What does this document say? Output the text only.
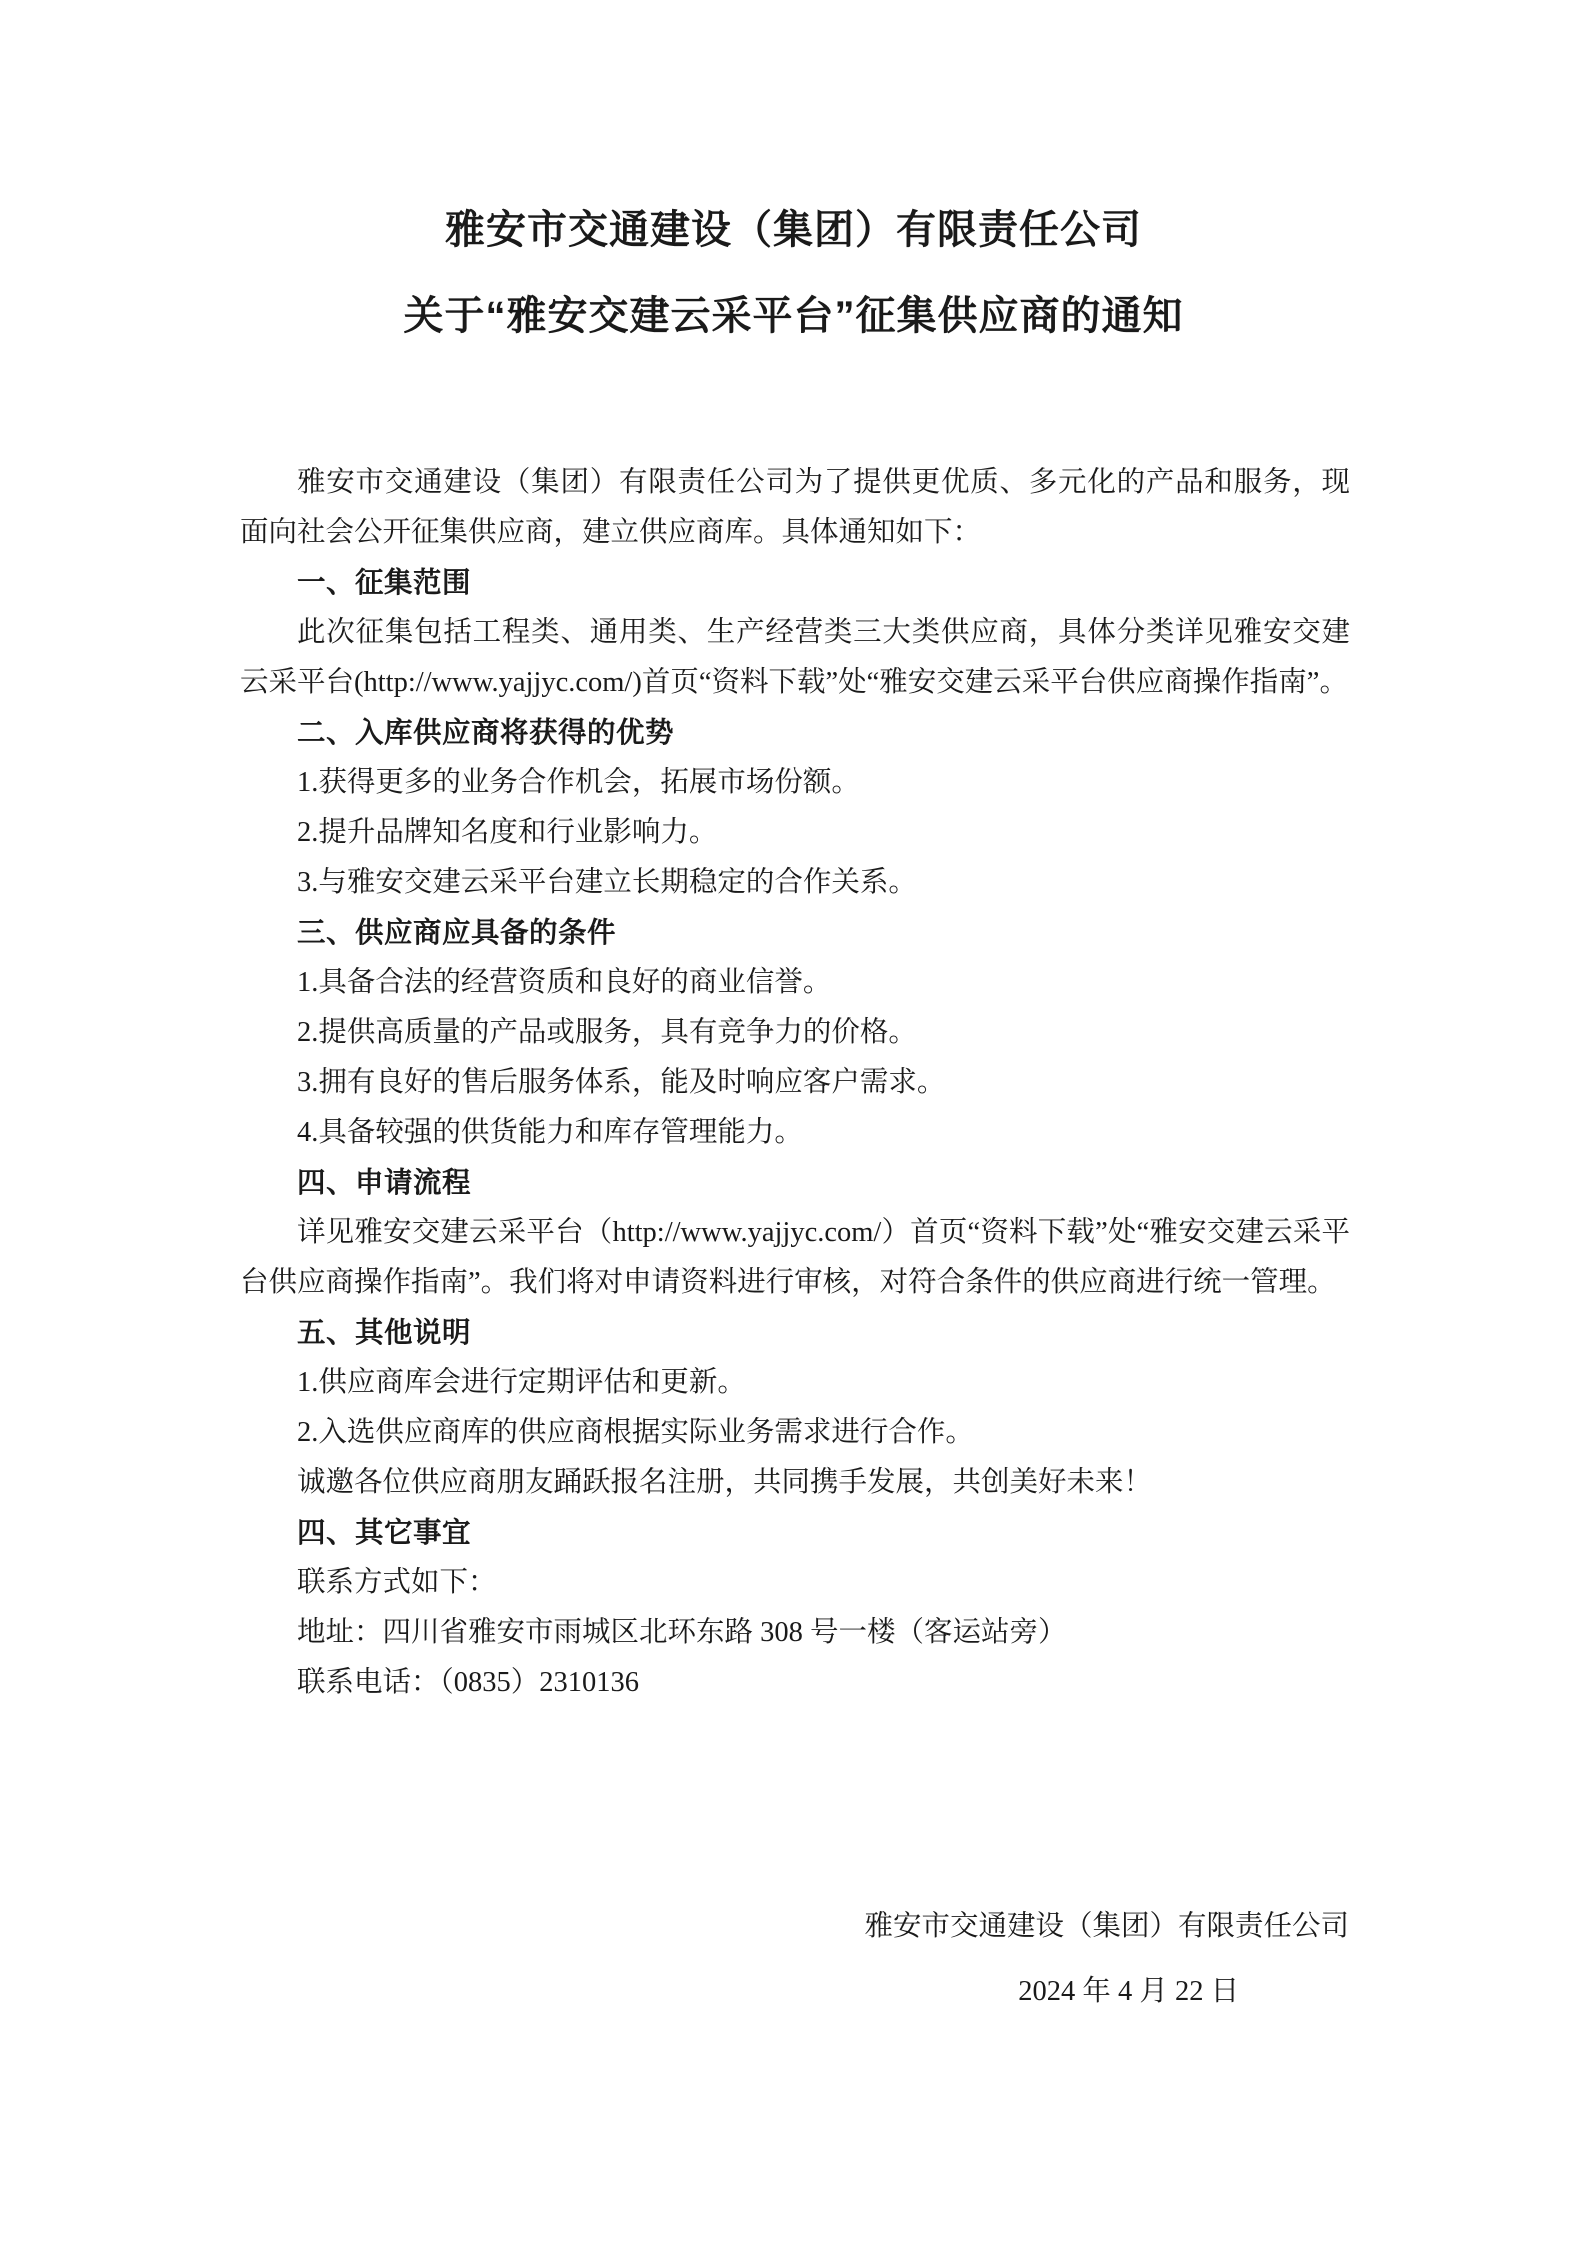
雅安市交通建设（集团）有限责任公司
关于“雅安交建云采平台”征集供应商的通知

雅安市交通建设（集团）有限责任公司为了提供更优质、多元化的产品和服务，现面向社会公开征集供应商，建立供应商库。具体通知如下：

一、征集范围

此次征集包括工程类、通用类、生产经营类三大类供应商，具体分类详见雅安交建云采平台(http://www.yajjyc.com/)首页“资料下载”处“雅安交建云采平台供应商操作指南”。

二、入库供应商将获得的优势

1.获得更多的业务合作机会，拓展市场份额。

2.提升品牌知名度和行业影响力。

3.与雅安交建云采平台建立长期稳定的合作关系。

三、供应商应具备的条件

1.具备合法的经营资质和良好的商业信誉。

2.提供高质量的产品或服务，具有竞争力的价格。

3.拥有良好的售后服务体系，能及时响应客户需求。

4.具备较强的供货能力和库存管理能力。

四、申请流程

详见雅安交建云采平台（http://www.yajjyc.com/）首页“资料下载”处“雅安交建云采平台供应商操作指南”。我们将对申请资料进行审核，对符合条件的供应商进行统一管理。

五、其他说明

1.供应商库会进行定期评估和更新。

2.入选供应商库的供应商根据实际业务需求进行合作。

诚邀各位供应商朋友踊跃报名注册，共同携手发展，共创美好未来！

四、其它事宜

联系方式如下：

地址：四川省雅安市雨城区北环东路 308 号一楼（客运站旁）

联系电话：（0835）2310136

雅安市交通建设（集团）有限责任公司
2024 年 4 月 22 日
